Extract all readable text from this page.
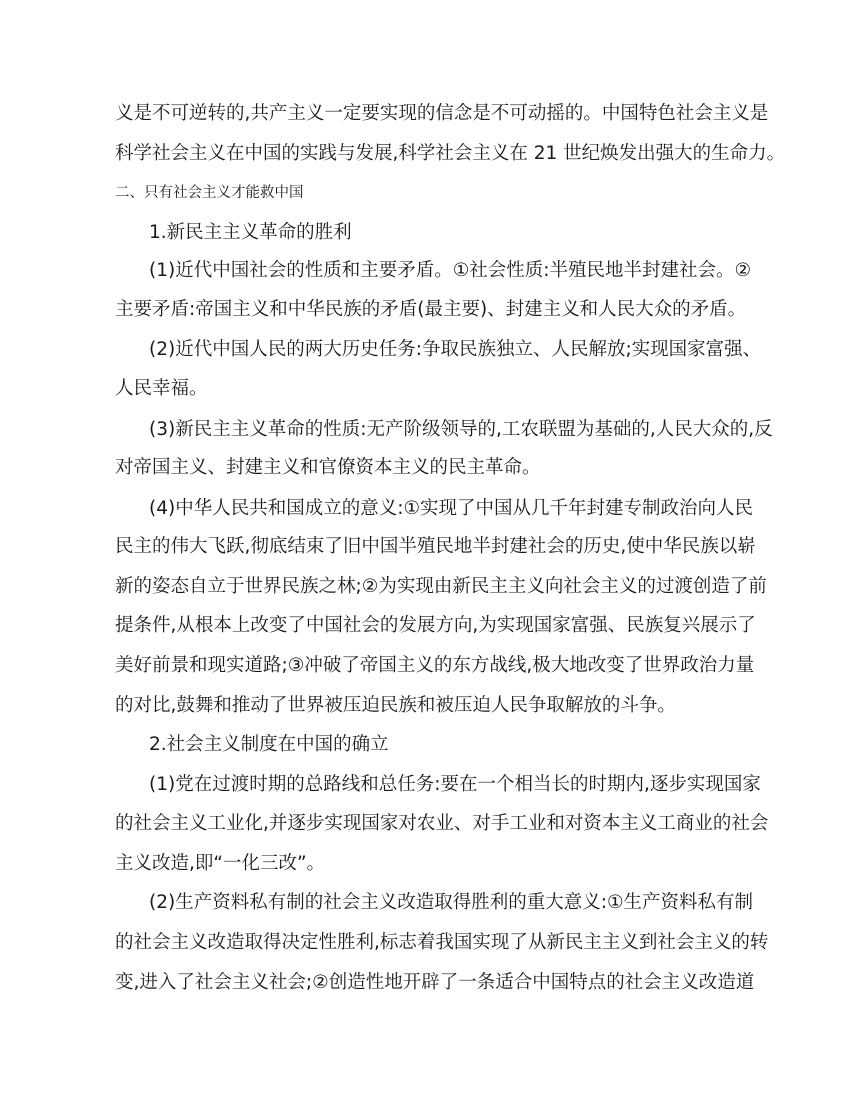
义是不可逆转的,共产主义一定要实现的信念是不可动摇的。中国特色社会主义是
科学社会主义在中国的实践与发展,科学社会主义在 21 世纪焕发出强大的生命力。
二、只有社会主义才能救中国
1.新民主主义革命的胜利
(1)近代中国社会的性质和主要矛盾。①社会性质:半殖民地半封建社会。②
主要矛盾:帝国主义和中华民族的矛盾(最主要)、封建主义和人民大众的矛盾。
(2)近代中国人民的两大历史任务:争取民族独立、人民解放;实现国家富强、
人民幸福。
(3)新民主主义革命的性质:无产阶级领导的,工农联盟为基础的,人民大众的,反
对帝国主义、封建主义和官僚资本主义的民主革命。
(4)中华人民共和国成立的意义:①实现了中国从几千年封建专制政治向人民
民主的伟大飞跃,彻底结束了旧中国半殖民地半封建社会的历史,使中华民族以崭
新的姿态自立于世界民族之林;②为实现由新民主主义向社会主义的过渡创造了前
提条件,从根本上改变了中国社会的发展方向,为实现国家富强、民族复兴展示了
美好前景和现实道路;③冲破了帝国主义的东方战线,极大地改变了世界政治力量
的对比,鼓舞和推动了世界被压迫民族和被压迫人民争取解放的斗争。
2.社会主义制度在中国的确立
(1)党在过渡时期的总路线和总任务:要在一个相当长的时期内,逐步实现国家
的社会主义工业化,并逐步实现国家对农业、对手工业和对资本主义工商业的社会
主义改造,即“一化三改”。
(2)生产资料私有制的社会主义改造取得胜利的重大意义:①生产资料私有制
的社会主义改造取得决定性胜利,标志着我国实现了从新民主主义到社会主义的转
变,进入了社会主义社会;②创造性地开辟了一条适合中国特点的社会主义改造道
